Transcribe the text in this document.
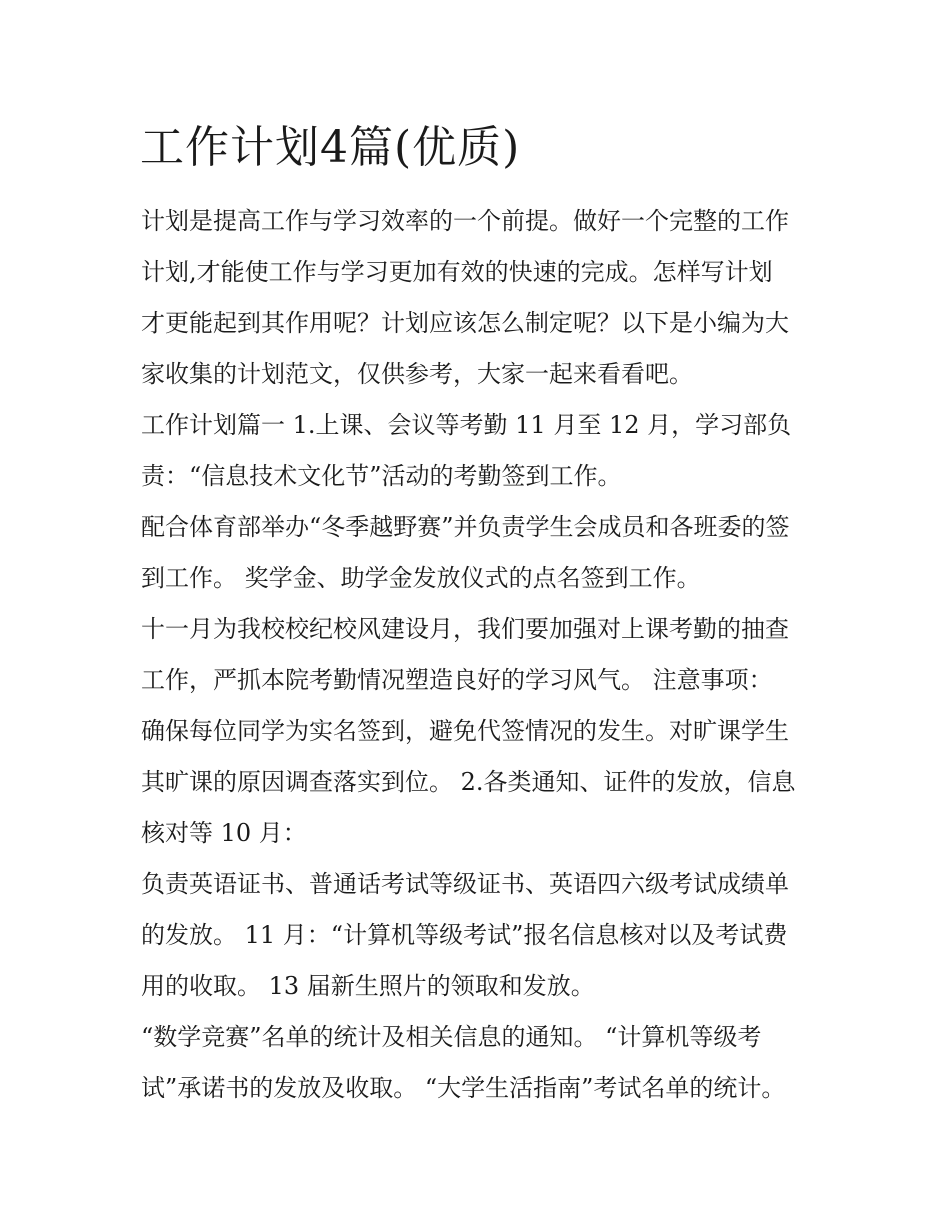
工作计划4篇(优质)

计划是提高工作与学习效率的一个前提。做好一个完整的工作

计划,才能使工作与学习更加有效的快速的完成。怎样写计划

才更能起到其作用呢？计划应该怎么制定呢？以下是小编为大

家收集的计划范文，仅供参考，大家一起来看看吧。

工作计划篇一 1.上课、会议等考勤 11 月至 12 月，学习部负

责：“信息技术文化节”活动的考勤签到工作。

配合体育部举办“冬季越野赛”并负责学生会成员和各班委的签

到工作。 奖学金、助学金发放仪式的点名签到工作。

十一月为我校校纪校风建设月，我们要加强对上课考勤的抽查

工作，严抓本院考勤情况塑造良好的学习风气。 注意事项：

确保每位同学为实名签到，避免代签情况的发生。对旷课学生

其旷课的原因调查落实到位。 2.各类通知、证件的发放，信息

核对等 10 月：

负责英语证书、普通话考试等级证书、英语四六级考试成绩单

的发放。 11 月：“计算机等级考试”报名信息核对以及考试费

用的收取。 13 届新生照片的领取和发放。

“数学竞赛”名单的统计及相关信息的通知。 “计算机等级考

试”承诺书的发放及收取。 “大学生活指南”考试名单的统计。
